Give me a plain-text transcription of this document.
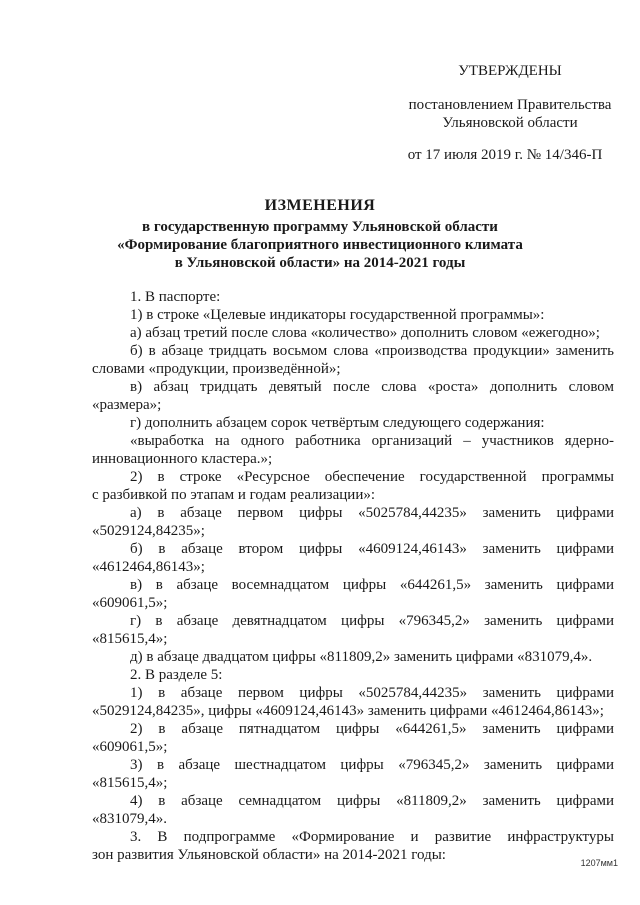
УТВЕРЖДЕНЫ
постановлением Правительства
Ульяновской области
от 17 июля 2019 г. № 14/346-П
ИЗМЕНЕНИЯ
в государственную программу Ульяновской области
«Формирование благоприятного инвестиционного климата
в Ульяновской области» на 2014-2021 годы
1. В паспорте:
1) в строке «Целевые индикаторы государственной программы»:
а) абзац третий после слова «количество» дополнить словом «ежегодно»;
б) в абзаце тридцать восьмом слова «производства продукции» заменить
словами «продукции, произведённой»;
в) абзац тридцать девятый после слова «роста» дополнить словом
«размера»;
г) дополнить абзацем сорок четвёртым следующего содержания:
«выработка на одного работника организаций – участников ядерно-
инновационного кластера.»;
2) в строке «Ресурсное обеспечение государственной программы
с разбивкой по этапам и годам реализации»:
а) в абзаце первом цифры «5025784,44235» заменить цифрами
«5029124,84235»;
б) в абзаце втором цифры «4609124,46143» заменить цифрами
«4612464,86143»;
в) в абзаце восемнадцатом цифры «644261,5» заменить цифрами
«609061,5»;
г) в абзаце девятнадцатом цифры «796345,2» заменить цифрами
«815615,4»;
д) в абзаце двадцатом цифры «811809,2» заменить цифрами «831079,4».
2. В разделе 5:
1) в абзаце первом цифры «5025784,44235» заменить цифрами
«5029124,84235», цифры «4609124,46143» заменить цифрами «4612464,86143»;
2) в абзаце пятнадцатом цифры «644261,5» заменить цифрами
«609061,5»;
3) в абзаце шестнадцатом цифры «796345,2» заменить цифрами
«815615,4»;
4) в абзаце семнадцатом цифры «811809,2» заменить цифрами
«831079,4».
3. В подпрограмме «Формирование и развитие инфраструктуры
зон развития Ульяновской области» на 2014-2021 годы:	1207мм1
